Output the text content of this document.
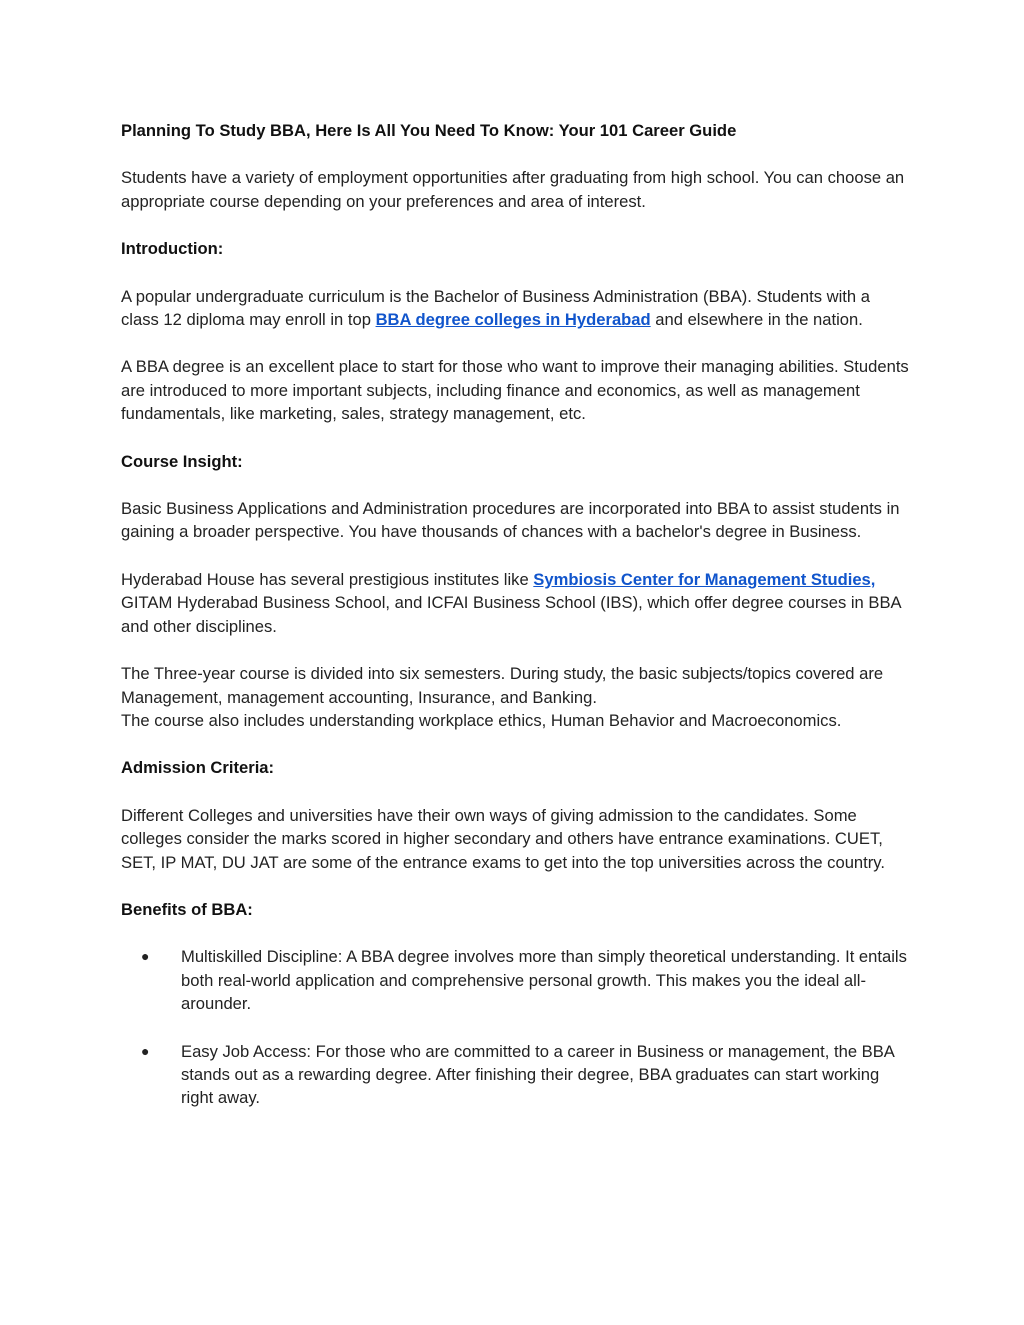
Planning To Study BBA, Here Is All You Need To Know: Your 101 Career Guide

Students have a variety of employment opportunities after graduating from high school. You can choose an appropriate course depending on your preferences and area of interest.

Introduction:

A popular undergraduate curriculum is the Bachelor of Business Administration (BBA). Students with a class 12 diploma may enroll in top BBA degree colleges in Hyderabad and elsewhere in the nation.

A BBA degree is an excellent place to start for those who want to improve their managing abilities. Students are introduced to more important subjects, including finance and economics, as well as management fundamentals, like marketing, sales, strategy management, etc.

Course Insight:

Basic Business Applications and Administration procedures are incorporated into BBA to assist students in gaining a broader perspective. You have thousands of chances with a bachelor's degree in Business.

Hyderabad House has several prestigious institutes like Symbiosis Center for Management Studies, GITAM Hyderabad Business School, and ICFAI Business School (IBS), which offer degree courses in BBA and other disciplines.

The Three-year course is divided into six semesters. During study, the basic subjects/topics covered are Management, management accounting, Insurance, and Banking.

The course also includes understanding workplace ethics, Human Behavior and Macroeconomics.

Admission Criteria:

Different Colleges and universities have their own ways of giving admission to the candidates. Some colleges consider the marks scored in higher secondary and others have entrance examinations. CUET, SET, IP MAT, DU JAT are some of the entrance exams to get into the top universities across the country.

Benefits of BBA:
● Multiskilled Discipline: A BBA degree involves more than simply theoretical understanding. It entails both real-world application and comprehensive personal growth. This makes you the ideal all-arounder.
● Easy Job Access: For those who are committed to a career in Business or management, the BBA stands out as a rewarding degree. After finishing their degree, BBA graduates can start working right away.
